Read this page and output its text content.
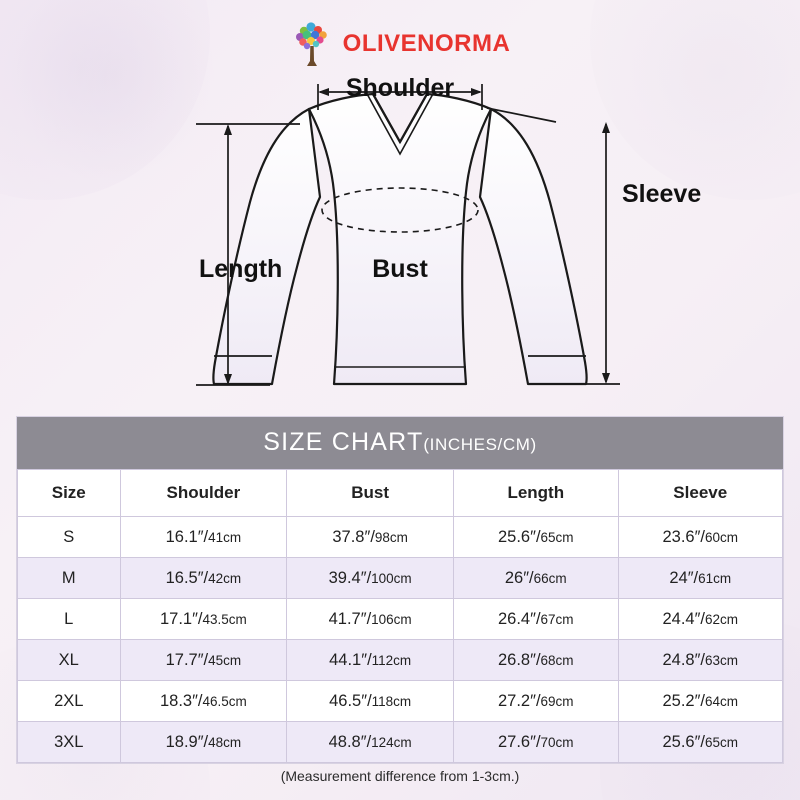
OLIVENORMA
Shoulder
Sleeve
Length	Bust
SIZE CHART(INCHES/CM)
Size	Shoulder	Bust	Length	Sleeve
S	16.1″/41cm	37.8″/98cm	25.6″/65cm	23.6″/60cm
M	16.5″/42cm	39.4″/100cm	26″/66cm	24″/61cm
L	17.1″/43.5cm	41.7″/106cm	26.4″/67cm	24.4″/62cm
XL	17.7″/45cm	44.1″/112cm	26.8″/68cm	24.8″/63cm
2XL	18.3″/46.5cm	46.5″/118cm	27.2″/69cm	25.2″/64cm
3XL	18.9″/48cm	48.8″/124cm	27.6″/70cm	25.6″/65cm
(Measurement difference from 1-3cm.)
